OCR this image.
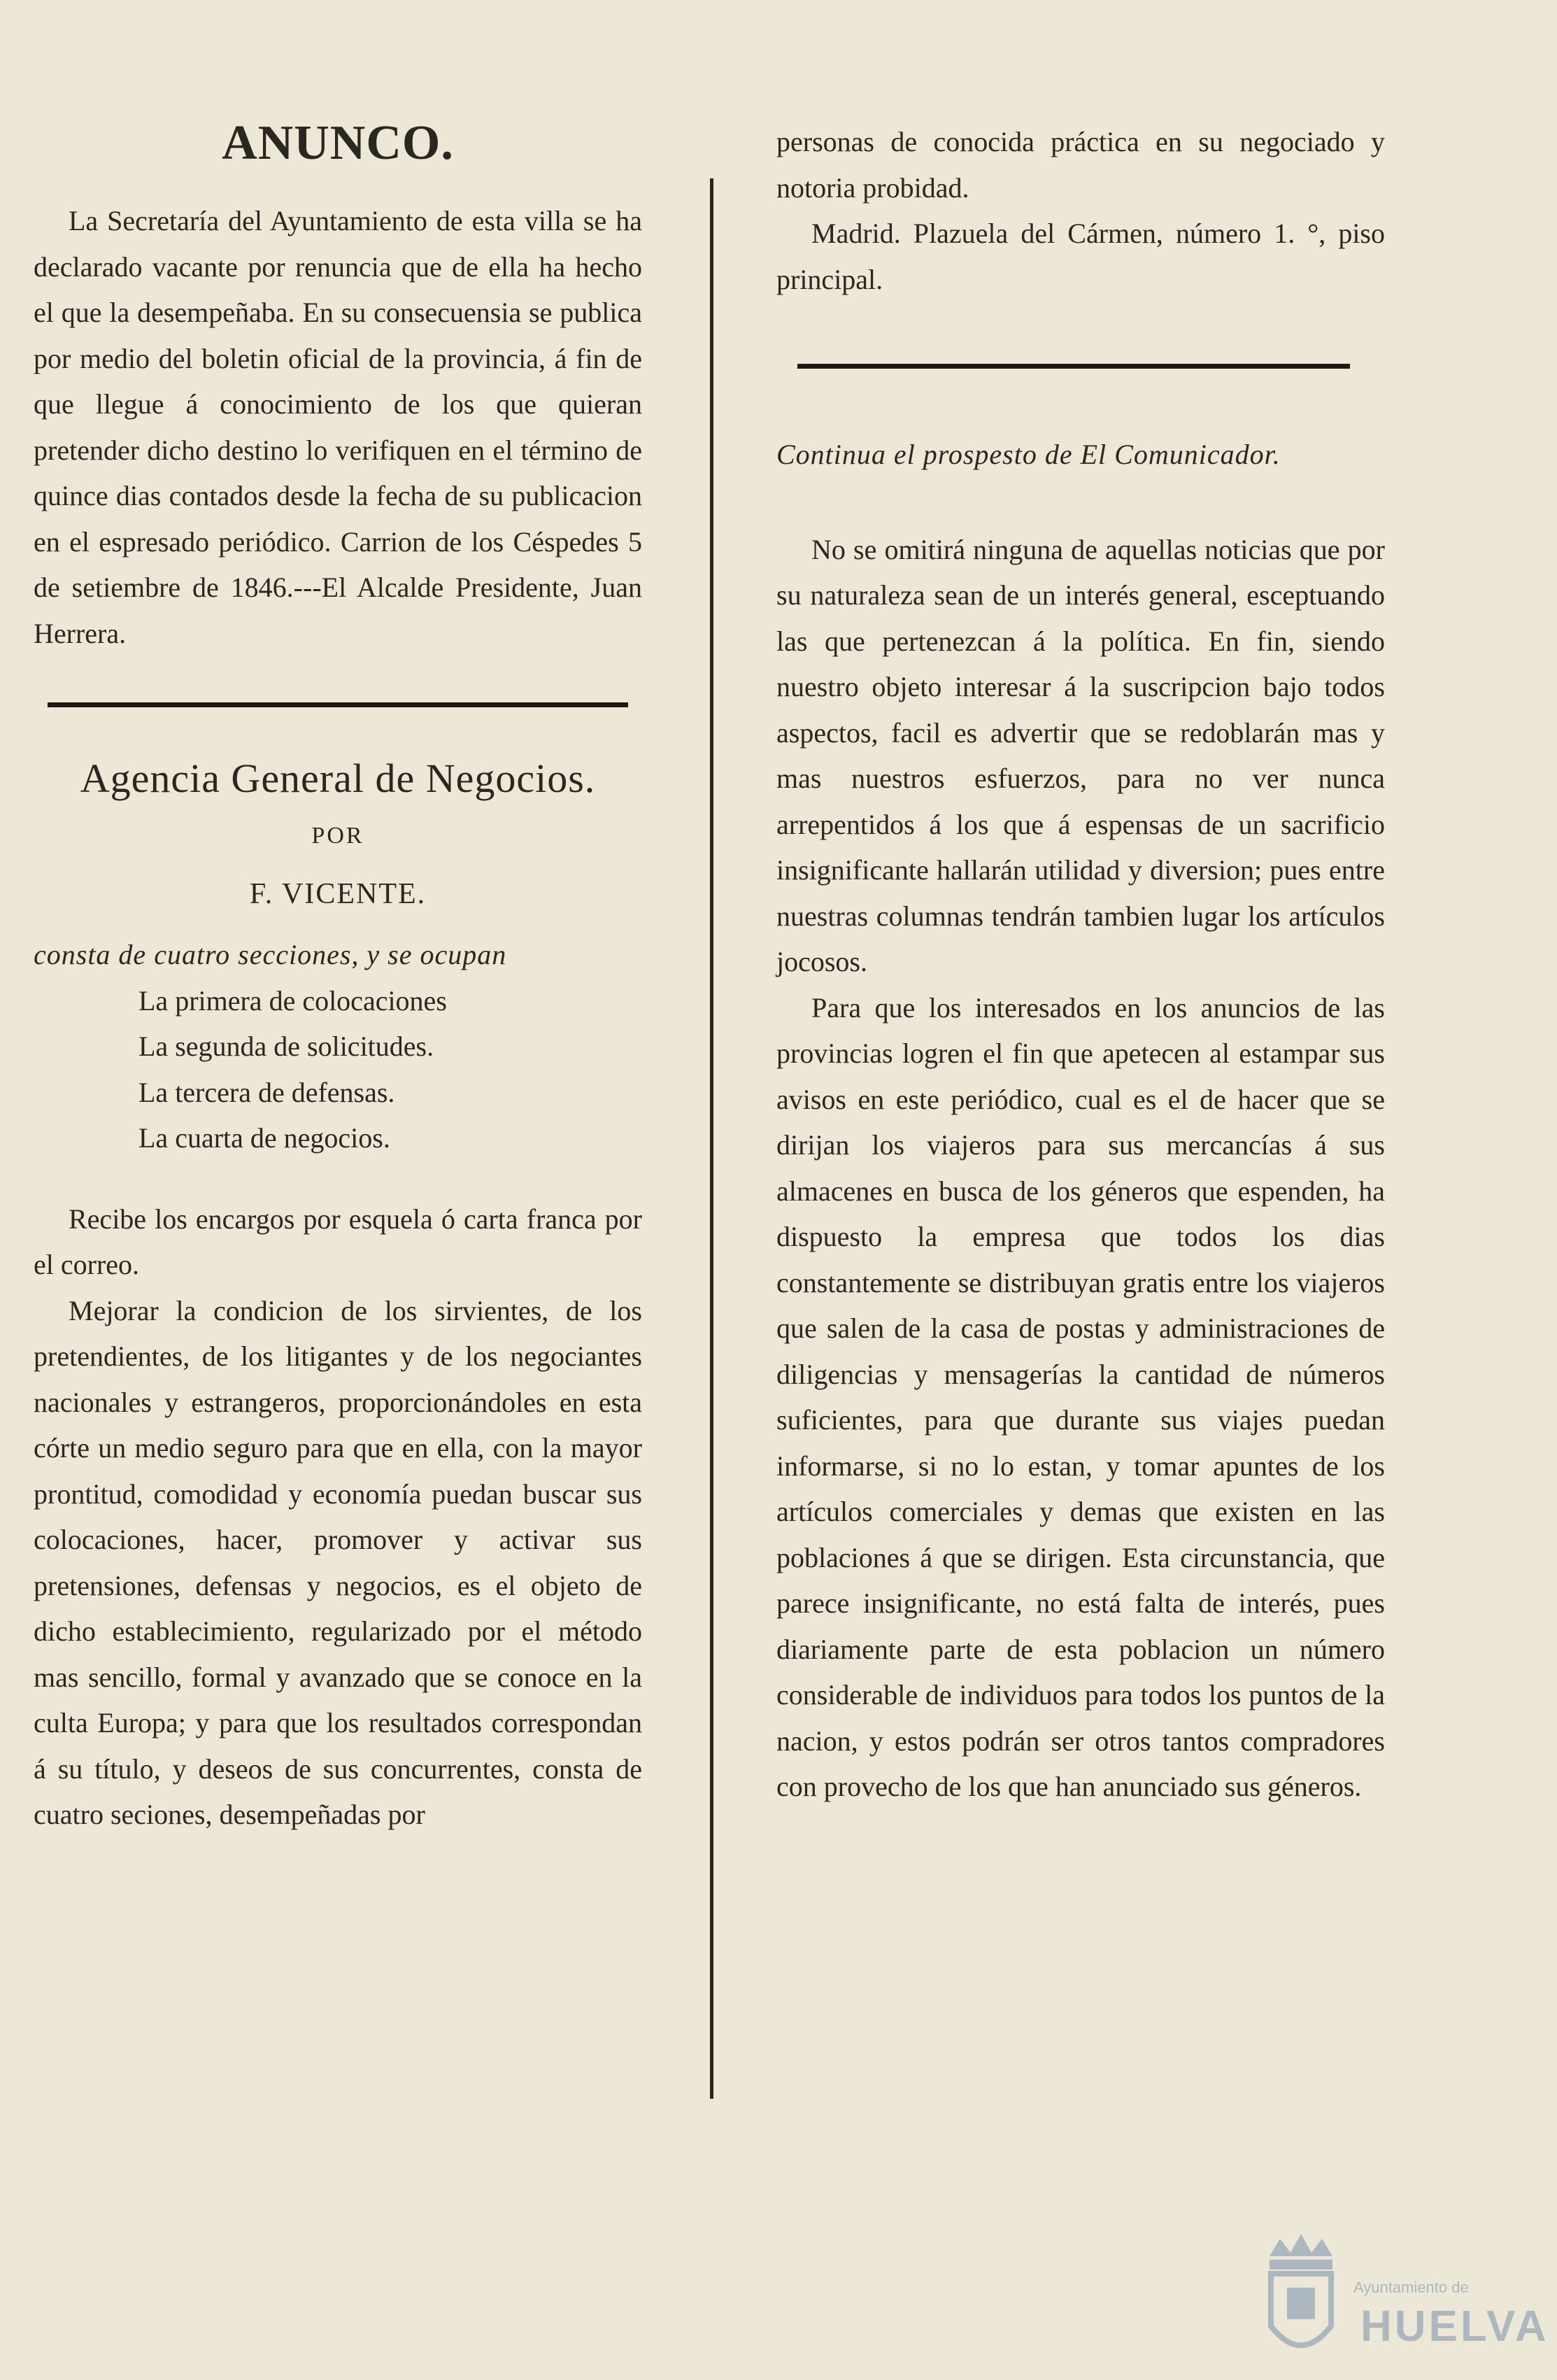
ANUNCO.

La Secretaría del Ayuntamiento de esta villa se ha declarado vacante por renuncia que de ella ha hecho el que la desempeñaba. En su consecuensia se publica por medio del boletin oficial de la provincia, á fin de que llegue á conocimiento de los que quieran pretender dicho destino lo verifiquen en el término de quince dias contados desde la fecha de su publicacion en el espresado periódico. Carrion de los Céspedes 5 de setiembre de 1846.---El Alcalde Presidente, Juan Herrera.

Agencia General de Negocios.
POR
F. VICENTE.

consta de cuatro secciones, y se ocupan

La primera de colocaciones

La segunda de solicitudes.

La tercera de defensas.

La cuarta de negocios.

Recibe los encargos por esquela ó carta franca por el correo.

Mejorar la condicion de los sirvientes, de los pretendientes, de los litigantes y de los negociantes nacionales y estrangeros, proporcionándoles en esta córte un medio seguro para que en ella, con la mayor prontitud, comodidad y economía puedan buscar sus colocaciones, hacer, promover y activar sus pretensiones, defensas y negocios, es el objeto de dicho establecimiento, regularizado por el método mas sencillo, formal y avanzado que se conoce en la culta Europa; y para que los resultados correspondan á su título, y deseos de sus concurrentes, consta de cuatro seciones, desempeñadas por

personas de conocida práctica en su negociado y notoria probidad.

Madrid. Plazuela del Cármen, número 1. °, piso principal.

Continua el prospesto de El Comunicador.

No se omitirá ninguna de aquellas noticias que por su naturaleza sean de un interés general, esceptuando las que pertenezcan á la política. En fin, siendo nuestro objeto interesar á la suscripcion bajo todos aspectos, facil es advertir que se redoblarán mas y mas nuestros esfuerzos, para no ver nunca arrepentidos á los que á espensas de un sacrificio insignificante hallarán utilidad y diversion; pues entre nuestras columnas tendrán tambien lugar los artículos jocosos.

Para que los interesados en los anuncios de las provincias logren el fin que apetecen al estampar sus avisos en este periódico, cual es el de hacer que se dirijan los viajeros para sus mercancías á sus almacenes en busca de los géneros que espenden, ha dispuesto la empresa que todos los dias constantemente se distribuyan gratis entre los viajeros que salen de la casa de postas y administraciones de diligencias y mensagerías la cantidad de números suficientes, para que durante sus viajes puedan informarse, si no lo estan, y tomar apuntes de los artículos comerciales y demas que existen en las poblaciones á que se dirigen. Esta circunstancia, que parece insignificante, no está falta de interés, pues diariamente parte de esta poblacion un número considerable de individuos para todos los puntos de la nacion, y estos podrán ser otros tantos compradores con provecho de los que han anunciado sus géneros.

Ayuntamiento de
HUELVA
